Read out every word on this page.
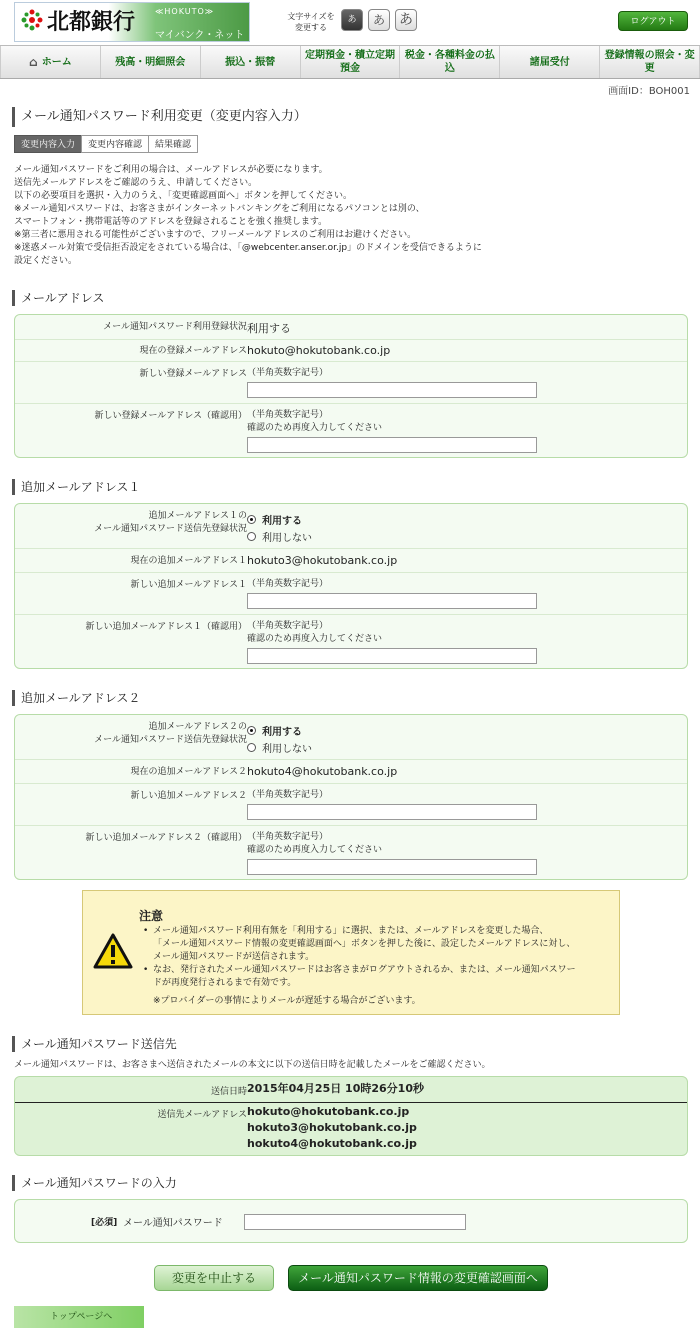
北都銀行 ≪HOKUTO≫
マイバンク・ネット
文字サイズを変更する
あ	あ	あ	ログアウト
⌂ ホーム	残高・明細照会	振込・振替
定期預金・積立定期預金
税金・各種料金の払込
諸届受付
登録情報の照会・変更
画面ID：BOH001
メール通知パスワード利用変更（変更内容入力）
変更内容入力	変更内容確認	結果確認
メール通知パスワードをご利用の場合は、メールアドレスが必要になります。
送信先メールアドレスをご確認のうえ、申請してください。
以下の必要項目を選択・入力のうえ、「変更確認画面へ」ボタンを押してください。
※メール通知パスワードは、お客さまがインターネットバンキングをご利用になるパソコンとは別の、
スマートフォン・携帯電話等のアドレスを登録されることを強く推奨します。
※第三者に悪用される可能性がございますので、フリーメールアドレスのご利用はお避けください。
※迷惑メール対策で受信拒否設定をされている場合は、「@webcenter.anser.or.jp」のドメインを受信できるように
設定ください。
メールアドレス
メール通知パスワード利用登録状況 利用する
現在の登録メールアドレス hokuto@hokutobank.co.jp
新しい登録メールアドレス （半角英数字記号）
新しい登録メールアドレス（確認用） （半角英数字記号）
確認のため再度入力してください
追加メールアドレス１
追加メールアドレス１の
メール通知パスワード送信先登録状況
利用する
利用しない
現在の追加メールアドレス１ hokuto3@hokutobank.co.jp
新しい追加メールアドレス１ （半角英数字記号）
新しい追加メールアドレス１（確認用） （半角英数字記号）
確認のため再度入力してください
追加メールアドレス２
追加メールアドレス２の
メール通知パスワード送信先登録状況
利用する
利用しない
現在の追加メールアドレス２ hokuto4@hokutobank.co.jp
新しい追加メールアドレス２ （半角英数字記号）
新しい追加メールアドレス２（確認用） （半角英数字記号）
確認のため再度入力してください
注意
• メール通知パスワード利用有無を「利用する」に選択、または、メールアドレスを変更した場合、
「メール通知パスワード情報の変更確認画面へ」ボタンを押した後に、設定したメールアドレスに対し、
メール通知パスワードが送信されます。
• なお、発行されたメール通知パスワードはお客さまがログアウトされるか、または、メール通知パスワー
ドが再度発行されるまで有効です。
※プロバイダーの事情によりメールが遅延する場合がございます。
メール通知パスワード送信先
メール通知パスワードは、お客さまへ送信されたメールの本文に以下の送信日時を記載したメールをご確認ください。
送信日時 2015年04月25日 10時26分10秒
送信先メールアドレス hokuto@hokutobank.co.jp
hokuto3@hokutobank.co.jp
hokuto4@hokutobank.co.jp
メール通知パスワードの入力
[必須] メール通知パスワード
変更を中止する	メール通知パスワード情報の変更確認画面へ
トップページへ
